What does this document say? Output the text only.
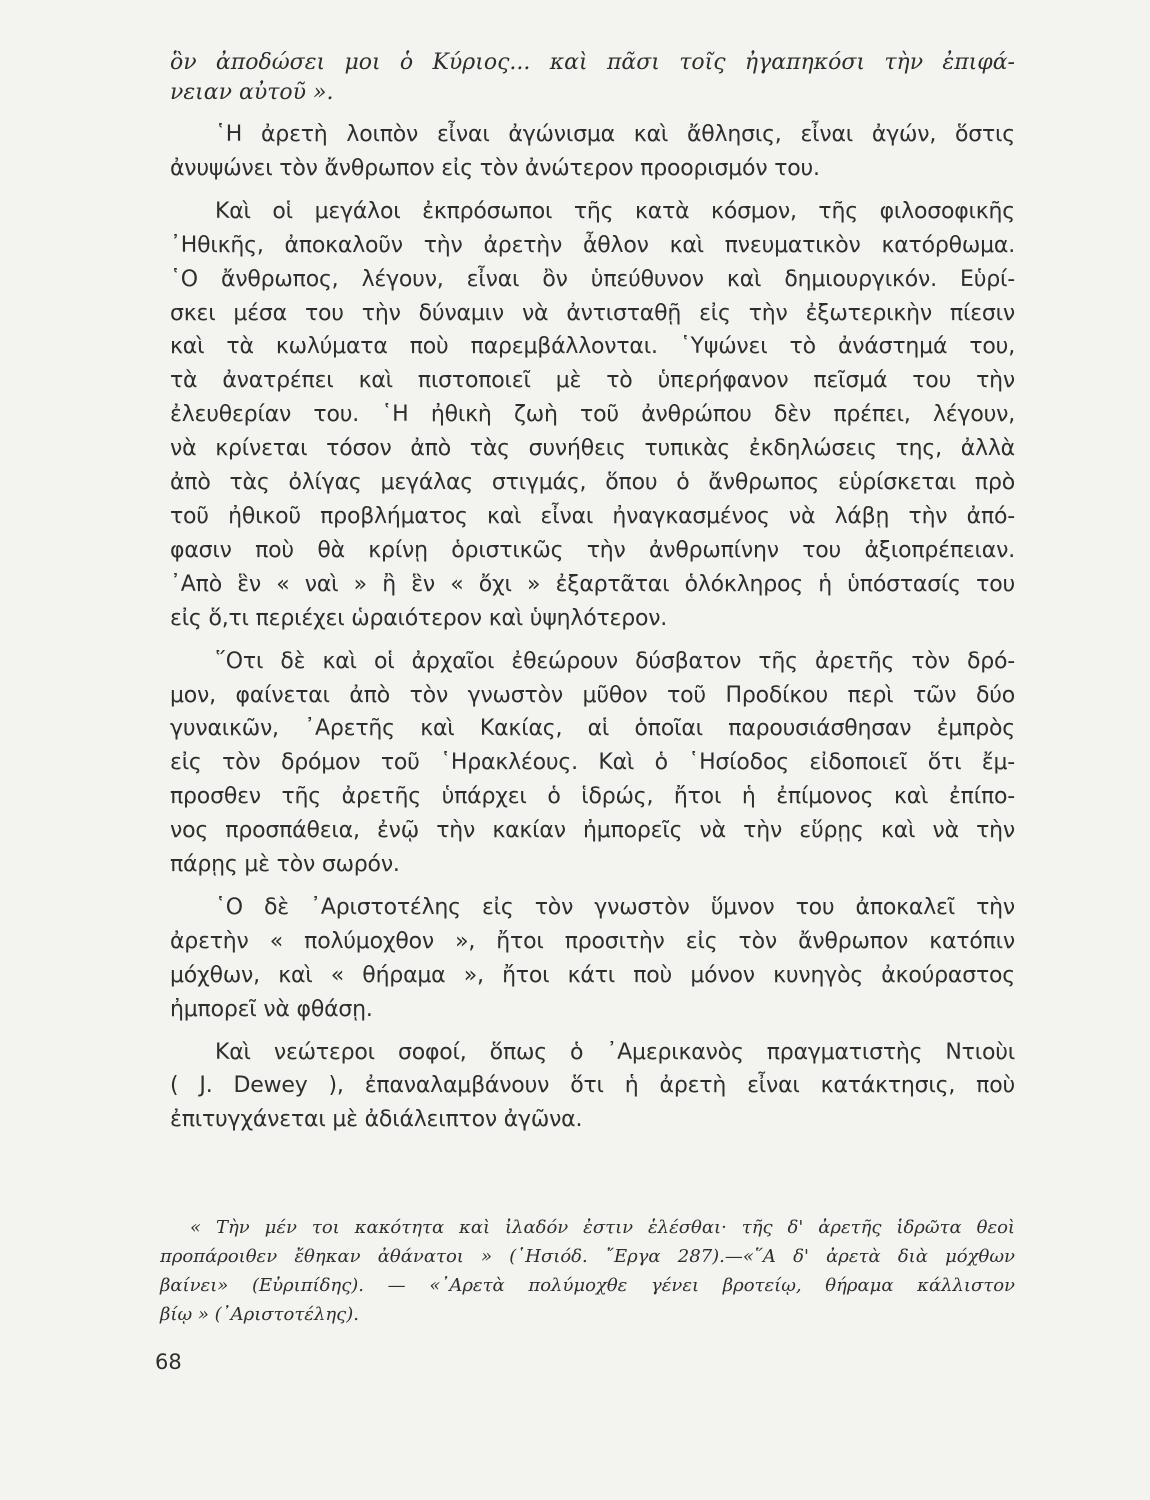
ὃν ἀποδώσει μοι ὁ Κύριος... καὶ πᾶσι τοῖς ἠγαπηκόσι τὴν ἐπιφά-
νειαν αὐτοῦ ».
῾Η ἀρετὴ λοιπὸν εἶναι ἀγώνισμα καὶ ἄθλησις, εἶναι ἀγών, ὅστις
ἀνυψώνει τὸν ἄνθρωπον εἰς τὸν ἀνώτερον προορισμόν του.
Καὶ οἱ μεγάλοι ἐκπρόσωποι τῆς κατὰ κόσμον, τῆς φιλοσοφικῆς
᾿Ηθικῆς, ἀποκαλοῦν τὴν ἀρετὴν ἆθλον καὶ πνευματικὸν κατόρθωμα.
῾Ο ἄνθρωπος, λέγουν, εἶναι ὂν ὑπεύθυνον καὶ δημιουργικόν. Εὑρί-
σκει μέσα του τὴν δύναμιν νὰ ἀντισταθῇ εἰς τὴν ἐξωτερικὴν πίεσιν
καὶ τὰ κωλύματα ποὺ παρεμβάλλονται. ῾Υψώνει τὸ ἀνάστημά του,
τὰ ἀνατρέπει καὶ πιστοποιεῖ μὲ τὸ ὑπερήφανον πεῖσμά του τὴν
ἐλευθερίαν του. ῾Η ἠθικὴ ζωὴ τοῦ ἀνθρώπου δὲν πρέπει, λέγουν,
νὰ κρίνεται τόσον ἀπὸ τὰς συνήθεις τυπικὰς ἐκδηλώσεις της, ἀλλὰ
ἀπὸ τὰς ὀλίγας μεγάλας στιγμάς, ὅπου ὁ ἄνθρωπος εὑρίσκεται πρὸ
τοῦ ἠθικοῦ προβλήματος καὶ εἶναι ἠναγκασμένος νὰ λάβῃ τὴν ἀπό-
φασιν ποὺ θὰ κρίνῃ ὁριστικῶς τὴν ἀνθρωπίνην του ἀξιοπρέπειαν.
᾿Απὸ ἓν « ναὶ » ἢ ἓν « ὄχι » ἐξαρτᾶται ὁλόκληρος ἡ ὑπόστασίς του
εἰς ὅ,τι περιέχει ὡραιότερον καὶ ὑψηλότερον.
῞Οτι δὲ καὶ οἱ ἀρχαῖοι ἐθεώρουν δύσβατον τῆς ἀρετῆς τὸν δρό-
μον, φαίνεται ἀπὸ τὸν γνωστὸν μῦθον τοῦ Προδίκου περὶ τῶν δύο
γυναικῶν, ᾿Αρετῆς καὶ Κακίας, αἱ ὁποῖαι παρουσιάσθησαν ἐμπρὸς
εἰς τὸν δρόμον τοῦ ῾Ηρακλέους. Καὶ ὁ ῾Ησίοδος εἰδοποιεῖ ὅτι ἔμ-
προσθεν τῆς ἀρετῆς ὑπάρχει ὁ ἱδρώς, ἤτοι ἡ ἐπίμονος καὶ ἐπίπο-
νος προσπάθεια, ἐνῷ τὴν κακίαν ἠμπορεῖς νὰ τὴν εὕρῃς καὶ νὰ τὴν
πάρῃς μὲ τὸν σωρόν.
῾Ο δὲ ᾿Αριστοτέλης εἰς τὸν γνωστὸν ὕμνον του ἀποκαλεῖ τὴν
ἀρετὴν « πολύμοχθον », ἤτοι προσιτὴν εἰς τὸν ἄνθρωπον κατόπιν
μόχθων, καὶ « θήραμα », ἤτοι κάτι ποὺ μόνον κυνηγὸς ἀκούραστος
ἠμπορεῖ νὰ φθάσῃ.
Καὶ νεώτεροι σοφοί, ὅπως ὁ ᾿Αμερικανὸς πραγματιστὴς Ντιοὺι
( J. Dewey ), ἐπαναλαμβάνουν ὅτι ἡ ἀρετὴ εἶναι κατάκτησις, ποὺ
ἐπιτυγχάνεται μὲ ἀδιάλειπτον ἀγῶνα.
« Τὴν μέν τοι κακότητα καὶ ἰλαδόν ἐστιν ἑλέσθαι· τῆς δ' ἀρετῆς ἱδρῶτα θεοὶ
προπάροιθεν ἔθηκαν ἀθάνατοι » (῾Ησιόδ. ῎Εργα 287).—«῞Α δ' ἀρετὰ διὰ μόχθων
βαίνει» (Εὐριπίδης). — «᾿Αρετὰ πολύμοχθε γένει βροτείῳ, θήραμα κάλλιστον
βίῳ » (᾿Αριστοτέλης).
68
